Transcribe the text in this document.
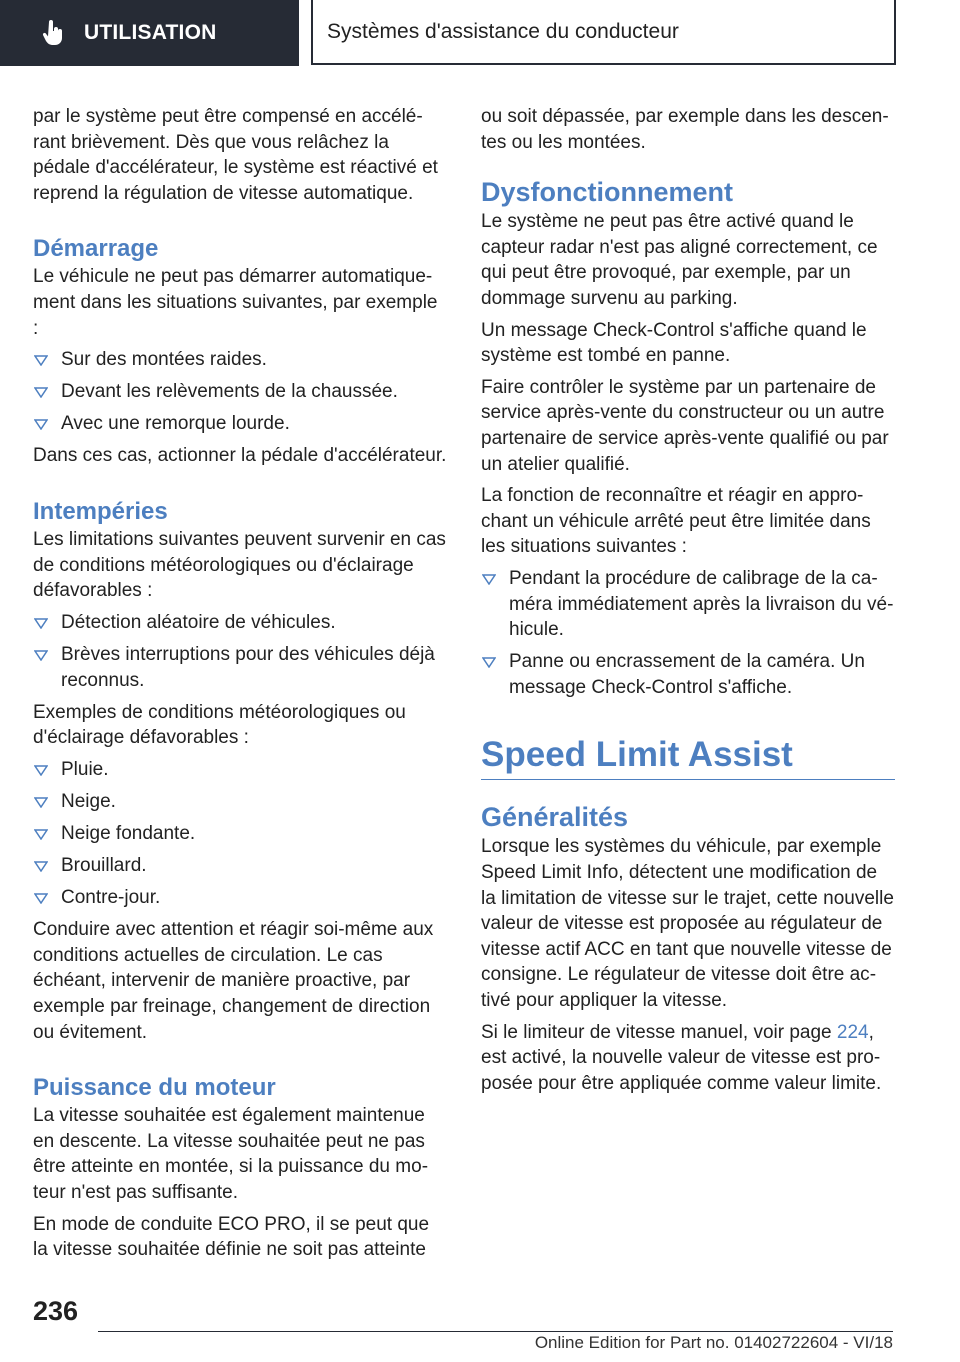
UTILISATION	Systèmes d'assistance du conducteur

par le système peut être compensé en accélérant brièvement. Dès que vous relâchez la pédale d'accélérateur, le système est réactivé et reprend la régulation de vitesse automatique.

Démarrage

Le véhicule ne peut pas démarrer automatiquement dans les situations suivantes, par exemple :

Sur des montées raides.
Devant les relèvements de la chaussée.
Avec une remorque lourde.

Dans ces cas, actionner la pédale d'accélérateur.

Intempéries

Les limitations suivantes peuvent survenir en cas de conditions météorologiques ou d'éclairage défavorables :

Détection aléatoire de véhicules.
Brèves interruptions pour des véhicules déjà reconnus.

Exemples de conditions météorologiques ou d'éclairage défavorables :

Pluie.
Neige.
Neige fondante.
Brouillard.
Contre-jour.

Conduire avec attention et réagir soi-même aux conditions actuelles de circulation. Le cas échéant, intervenir de manière proactive, par exemple par freinage, changement de direction ou évitement.

Puissance du moteur

La vitesse souhaitée est également maintenue en descente. La vitesse souhaitée peut ne pas être atteinte en montée, si la puissance du moteur n'est pas suffisante.

En mode de conduite ECO PRO, il se peut que la vitesse souhaitée définie ne soit pas atteinte

ou soit dépassée, par exemple dans les descentes ou les montées.

Dysfonctionnement

Le système ne peut pas être activé quand le capteur radar n'est pas aligné correctement, ce qui peut être provoqué, par exemple, par un dommage survenu au parking.

Un message Check-Control s'affiche quand le système est tombé en panne.

Faire contrôler le système par un partenaire de service après-vente du constructeur ou un autre partenaire de service après-vente qualifié ou par un atelier qualifié.

La fonction de reconnaître et réagir en approchant un véhicule arrêté peut être limitée dans les situations suivantes :

Pendant la procédure de calibrage de la caméra immédiatement après la livraison du véhicule.
Panne ou encrassement de la caméra. Un message Check-Control s'affiche.
Speed Limit Assist
Généralités

Lorsque les systèmes du véhicule, par exemple Speed Limit Info, détectent une modification de la limitation de vitesse sur le trajet, cette nouvelle valeur de vitesse est proposée au régulateur de vitesse actif ACC en tant que nouvelle vitesse de consigne. Le régulateur de vitesse doit être activé pour appliquer la vitesse.

Si le limiteur de vitesse manuel, voir page 224, est activé, la nouvelle valeur de vitesse est proposée pour être appliquée comme valeur limite.

236
Online Edition for Part no. 01402722604 - VI/18
